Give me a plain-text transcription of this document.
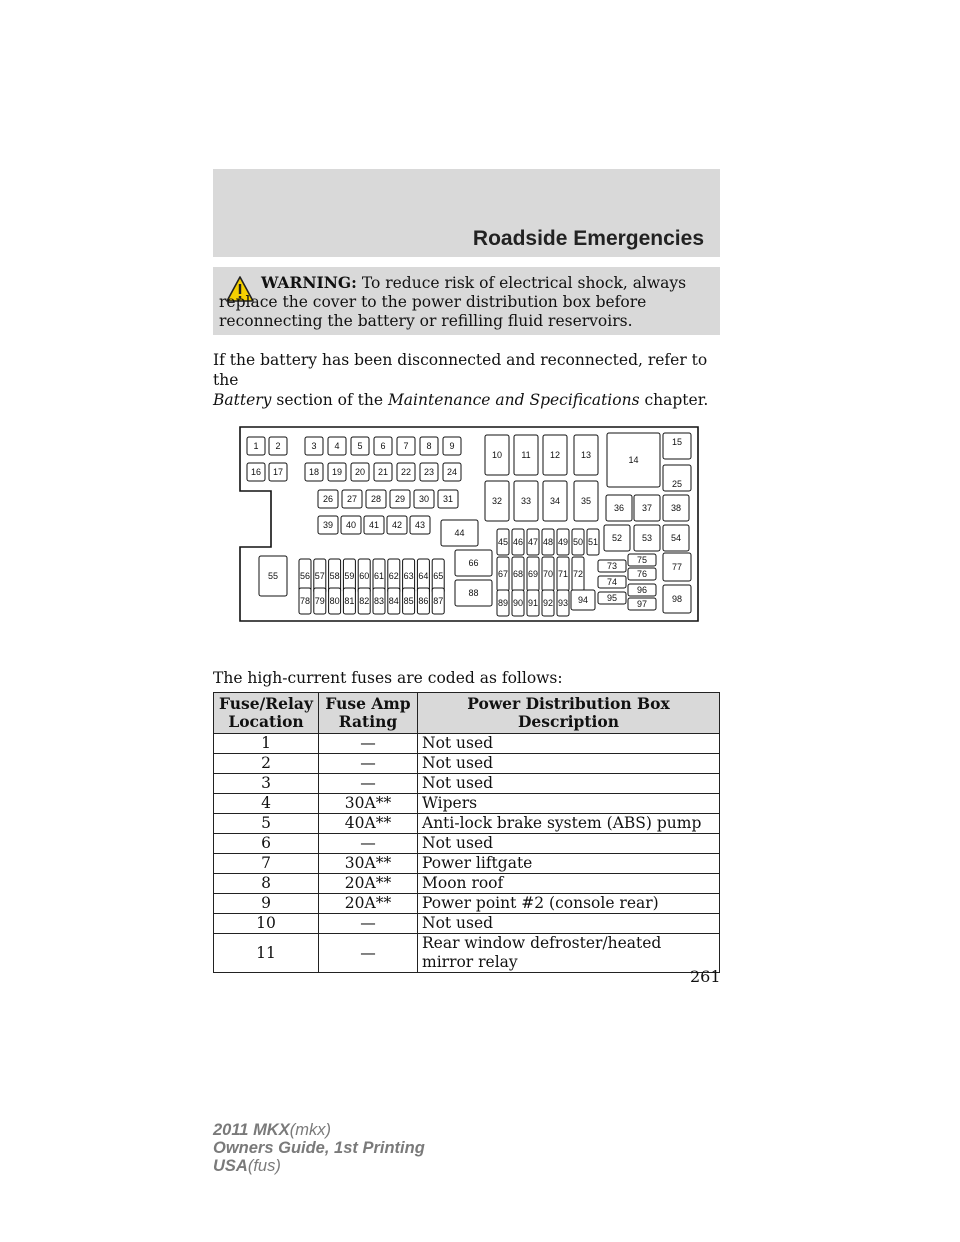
Roadside Emergencies
WARNING: To reduce risk of electrical shock, always replace the cover to the power distribution box before reconnecting the battery or refilling fluid reservoirs.
If the battery has been disconnected and reconnected, refer to the
Battery section of the Maintenance and Specifications chapter.
1
16
2
17
3
18
4
19
5
20
6
21
7
22
8
23
9
24
26 27 28 29 30 31
39 40 41 42 43
44
55 56
78
57
79
58
80
59
81
60
82
61
83
62
84
63
85
64
86
65
87
66
88
10 11 12 13
32 33 34 35
14
15
25
36 37 38
52 53 54
45 46 47 48 49 50 51
67 68 69 70 71 72
89 90 91 92 93 94
73
74
95
75
76
96
97
77
98
The high-current fuses are coded as follows:
Fuse/Relay Location	Fuse Amp Rating	Power Distribution Box Description
1	—	Not used
2	—	Not used
3	—	Not used
4	30A**	Wipers
5	40A**	Anti-lock brake system (ABS) pump
6	—	Not used
7	30A**	Power liftgate
8	20A**	Moon roof
9	20A**	Power point #2 (console rear)
10	—	Not used
11	—	Rear window defroster/heated mirror relay
261
2011 MKX(mkx)
Owners Guide, 1st Printing
USA(fus)
